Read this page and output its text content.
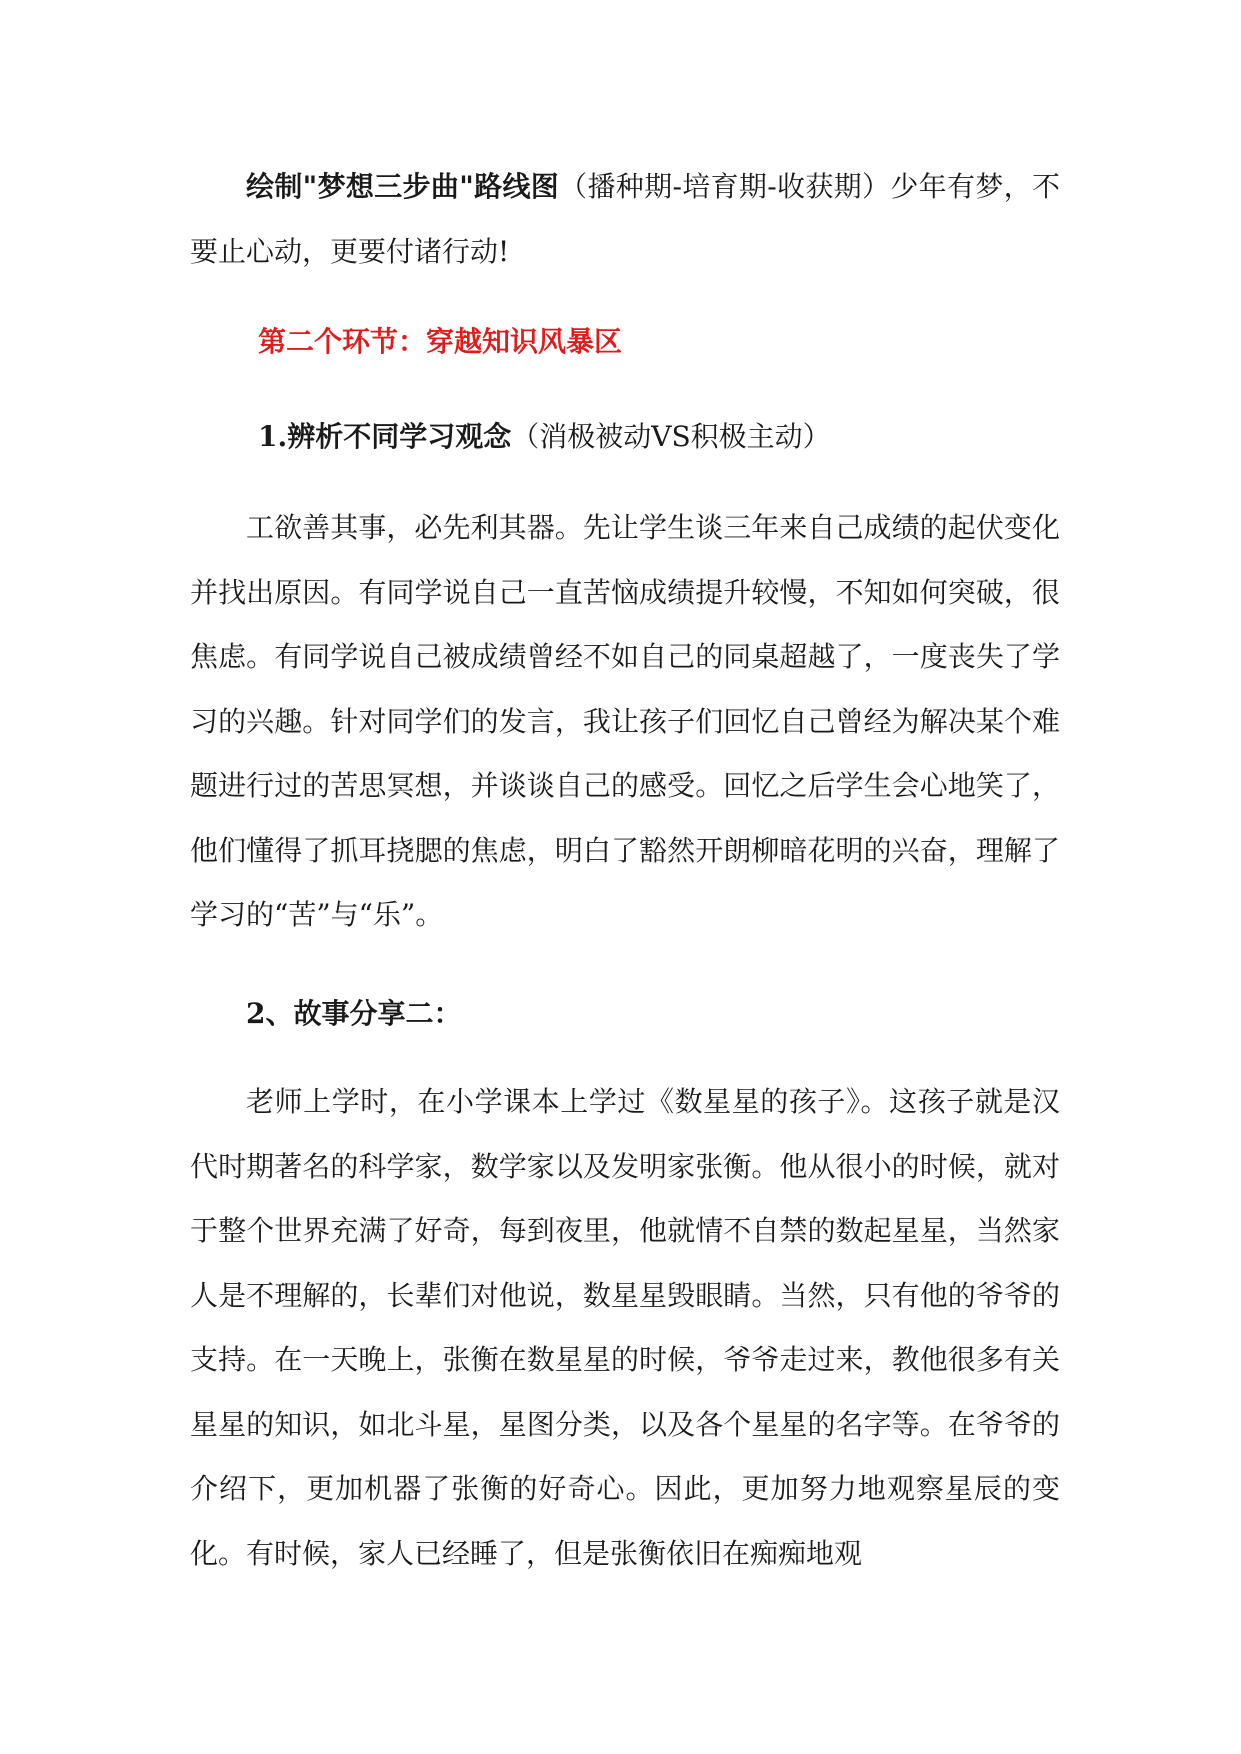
绘制"梦想三步曲"路线图（播种期-培育期-收获期）少年有梦，不要止心动，更要付诸行动!

第二个环节：穿越知识风暴区

1.辨析不同学习观念（消极被动VS积极主动）

工欲善其事，必先利其器。先让学生谈三年来自己成绩的起伏变化并找出原因。有同学说自己一直苦恼成绩提升较慢，不知如何突破，很焦虑。有同学说自己被成绩曾经不如自己的同桌超越了，一度丧失了学习的兴趣。针对同学们的发言，我让孩子们回忆自己曾经为解决某个难题进行过的苦思冥想，并谈谈自己的感受。回忆之后学生会心地笑了，他们懂得了抓耳挠腮的焦虑，明白了豁然开朗柳暗花明的兴奋，理解了学习的“苦”与“乐”。

2、故事分享二：

老师上学时，在小学课本上学过《数星星的孩子》。这孩子就是汉代时期著名的科学家，数学家以及发明家张衡。他从很小的时候，就对于整个世界充满了好奇，每到夜里，他就情不自禁的数起星星，当然家人是不理解的，长辈们对他说，数星星毁眼睛。当然，只有他的爷爷的支持。在一天晚上，张衡在数星星的时候，爷爷走过来，教他很多有关星星的知识，如北斗星，星图分类，以及各个星星的名字等。在爷爷的介绍下，更加机器了张衡的好奇心。因此，更加努力地观察星辰的变化。有时候，家人已经睡了，但是张衡依旧在痴痴地观
